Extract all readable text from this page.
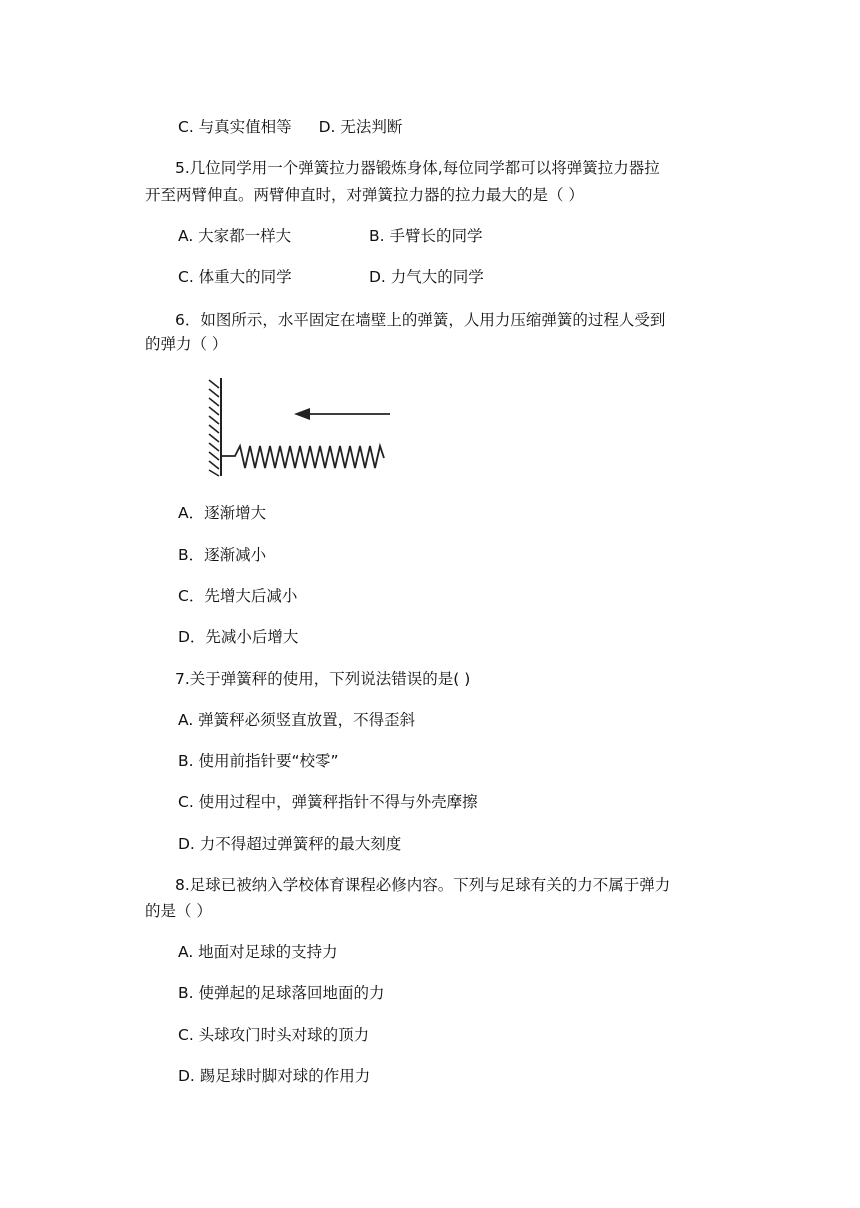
C. 与真实值相等 D. 无法判断
5.几位同学用一个弹簧拉力器锻炼身体,每位同学都可以将弹簧拉力器拉
开至两臂伸直。两臂伸直时，对弹簧拉力器的拉力最大的是（ ）
A. 大家都一样大	B. 手臂长的同学
C. 体重大的同学	D. 力气大的同学
6．如图所示，水平固定在墙壁上的弹簧，人用力压缩弹簧的过程人受到
的弹力（ ）
A．逐渐增大
B．逐渐减小
C．先增大后减小
D．先减小后增大
7.关于弹簧秤的使用，下列说法错误的是( )
A. 弹簧秤必须竖直放置，不得歪斜
B. 使用前指针要“校零”
C. 使用过程中，弹簧秤指针不得与外壳摩擦
D. 力不得超过弹簧秤的最大刻度
8.足球已被纳入学校体育课程必修内容。下列与足球有关的力不属于弹力
的是（ ）
A. 地面对足球的支持力
B. 使弹起的足球落回地面的力
C. 头球攻门时头对球的顶力
D. 踢足球时脚对球的作用力
